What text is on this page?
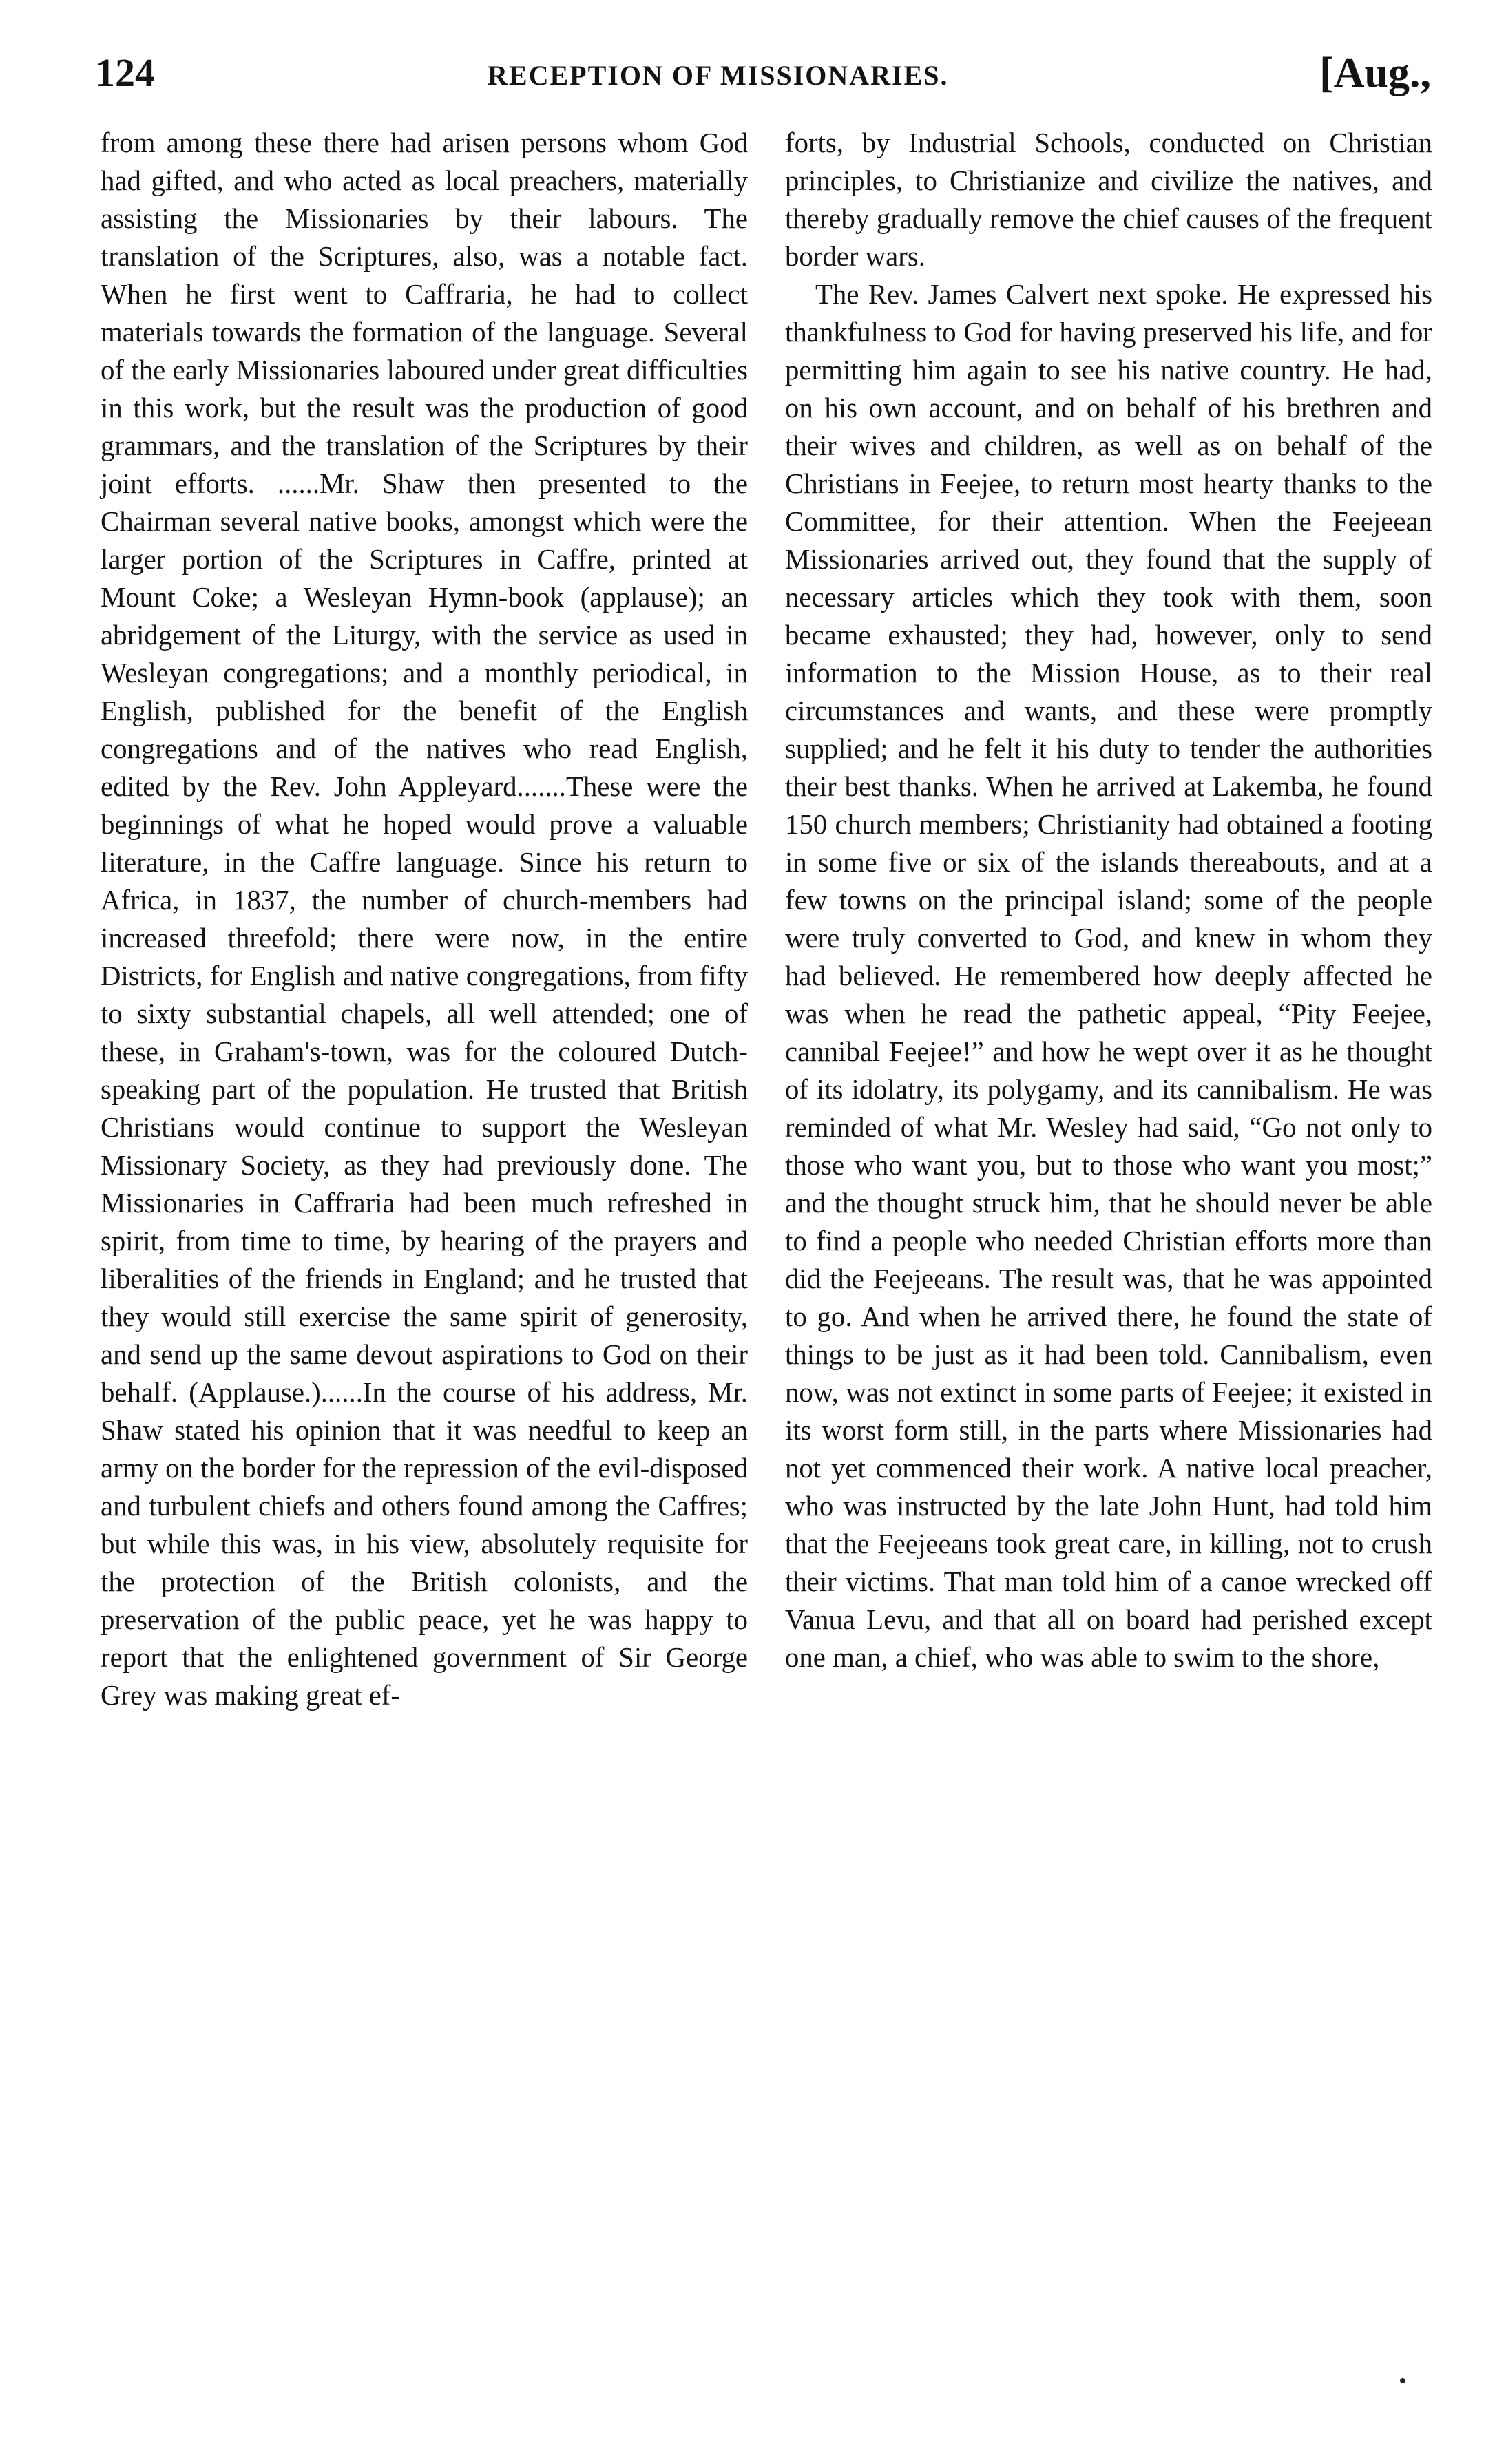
124	RECEPTION OF MISSIONARIES.	[Aug.,

from among these there had arisen persons whom God had gifted, and who acted as local preachers, materially assisting the Missionaries by their labours. The translation of the Scriptures, also, was a notable fact. When he first went to Caffraria, he had to collect materials towards the formation of the language. Several of the early Missionaries laboured under great difficulties in this work, but the result was the production of good grammars, and the translation of the Scriptures by their joint efforts. ......Mr. Shaw then presented to the Chairman several native books, amongst which were the larger portion of the Scriptures in Caffre, printed at Mount Coke; a Wesleyan Hymn-book (applause); an abridgement of the Liturgy, with the service as used in Wesleyan congregations; and a monthly periodical, in English, published for the benefit of the English congregations and of the natives who read English, edited by the Rev. John Appleyard.......These were the beginnings of what he hoped would prove a valuable literature, in the Caffre language. Since his return to Africa, in 1837, the number of church-members had increased threefold; there were now, in the entire Districts, for English and native congregations, from fifty to sixty substantial chapels, all well attended; one of these, in Graham's-town, was for the coloured Dutch-speaking part of the population. He trusted that British Christians would continue to support the Wesleyan Missionary Society, as they had previously done. The Missionaries in Caffraria had been much refreshed in spirit, from time to time, by hearing of the prayers and liberalities of the friends in England; and he trusted that they would still exercise the same spirit of generosity, and send up the same devout aspirations to God on their behalf. (Applause.)......In the course of his address, Mr. Shaw stated his opinion that it was needful to keep an army on the border for the repression of the evil-disposed and turbulent chiefs and others found among the Caffres; but while this was, in his view, absolutely requisite for the protection of the British colonists, and the preservation of the public peace, yet he was happy to report that the enlightened government of Sir George Grey was making great ef-

forts, by Industrial Schools, conducted on Christian principles, to Christianize and civilize the natives, and thereby gradually remove the chief causes of the frequent border wars.

The Rev. James Calvert next spoke. He expressed his thankfulness to God for having preserved his life, and for permitting him again to see his native country. He had, on his own account, and on behalf of his brethren and their wives and children, as well as on behalf of the Christians in Feejee, to return most hearty thanks to the Committee, for their attention. When the Feejeean Missionaries arrived out, they found that the supply of necessary articles which they took with them, soon became exhausted; they had, however, only to send information to the Mission House, as to their real circumstances and wants, and these were promptly supplied; and he felt it his duty to tender the authorities their best thanks. When he arrived at Lakemba, he found 150 church members; Christianity had obtained a footing in some five or six of the islands thereabouts, and at a few towns on the principal island; some of the people were truly converted to God, and knew in whom they had believed. He remembered how deeply affected he was when he read the pathetic appeal, “Pity Feejee, cannibal Feejee!” and how he wept over it as he thought of its idolatry, its polygamy, and its cannibalism. He was reminded of what Mr. Wesley had said, “Go not only to those who want you, but to those who want you most;” and the thought struck him, that he should never be able to find a people who needed Christian efforts more than did the Feejeeans. The result was, that he was appointed to go. And when he arrived there, he found the state of things to be just as it had been told. Cannibalism, even now, was not extinct in some parts of Feejee; it existed in its worst form still, in the parts where Missionaries had not yet commenced their work. A native local preacher, who was instructed by the late John Hunt, had told him that the Feejeeans took great care, in killing, not to crush their victims. That man told him of a canoe wrecked off Vanua Levu, and that all on board had perished except one man, a chief, who was able to swim to the shore,
